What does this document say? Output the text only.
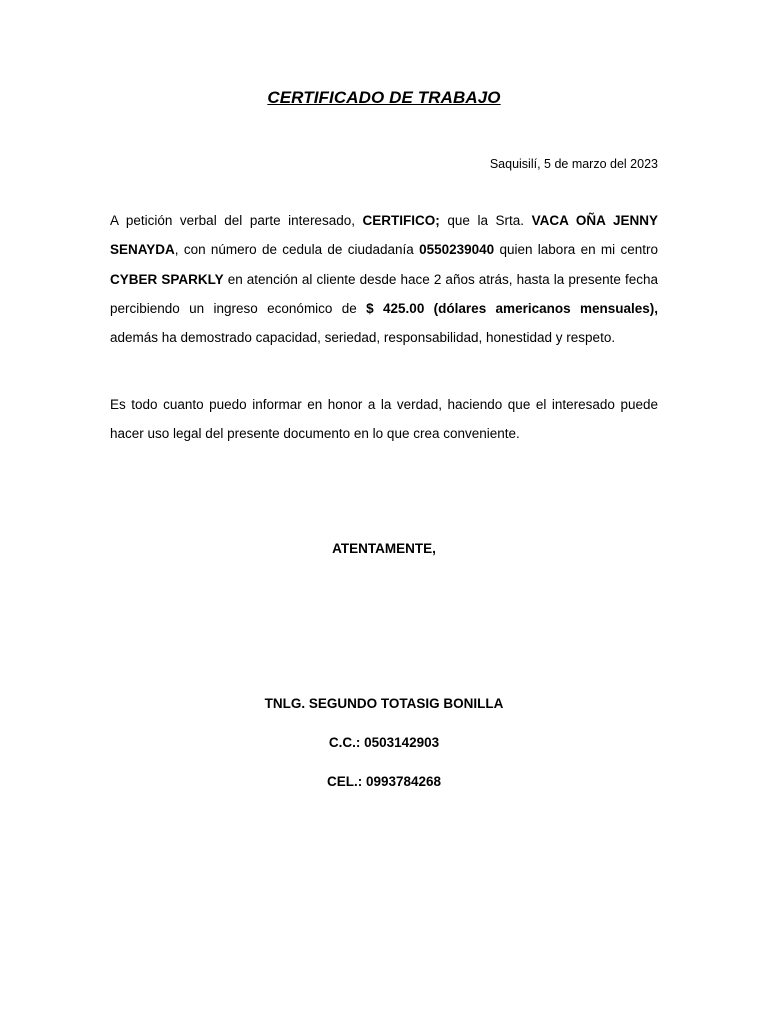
CERTIFICADO DE TRABAJO
Saquisilí, 5 de marzo del 2023
A petición verbal del parte interesado, CERTIFICO; que la Srta. VACA OÑA JENNY SENAYDA, con número de cedula de ciudadanía 0550239040 quien labora en mi centro CYBER SPARKLY en atención al cliente desde hace 2 años atrás, hasta la presente fecha percibiendo un ingreso económico de $ 425.00 (dólares americanos mensuales), además ha demostrado capacidad, seriedad, responsabilidad, honestidad y respeto.
Es todo cuanto puedo informar en honor a la verdad, haciendo que el interesado puede hacer uso legal del presente documento en lo que crea conveniente.
ATENTAMENTE,
TNLG. SEGUNDO TOTASIG BONILLA
C.C.: 0503142903
CEL.: 0993784268
